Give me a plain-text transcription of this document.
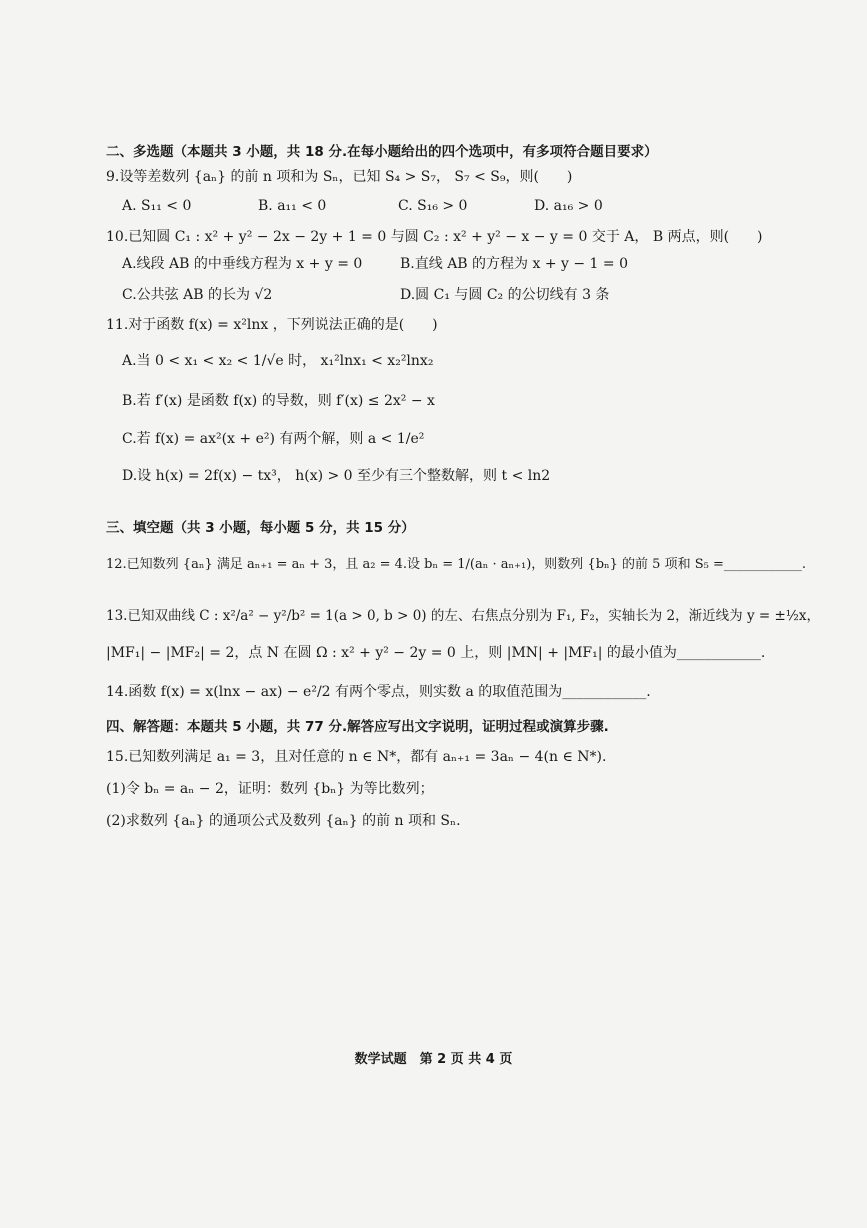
二、多选题（本题共 3 小题，共 18 分.在每小题给出的四个选项中，有多项符合题目要求）
9.设等差数列 {aₙ} 的前 n 项和为 Sₙ，已知 S₄ > S₇， S₇ < S₉，则(　　)
A. S₁₁ < 0	B. a₁₁ < 0	C. S₁₆ > 0	D. a₁₆ > 0
10.已知圆 C₁ : x² + y² − 2x − 2y + 1 = 0 与圆 C₂ : x² + y² − x − y = 0 交于 A， B 两点，则(　　)
A.线段 AB 的中垂线方程为 x + y = 0	B.直线 AB 的方程为 x + y − 1 = 0
C.公共弦 AB 的长为 √2	D.圆 C₁ 与圆 C₂ 的公切线有 3 条
11.对于函数 f(x) = x²lnx ，下列说法正确的是(　　)
A.当 0 < x₁ < x₂ < 1/√e 时， x₁²lnx₁ < x₂²lnx₂
B.若 f′(x) 是函数 f(x) 的导数，则 f′(x) ≤ 2x² − x
C.若 f(x) = ax²(x + e²) 有两个解，则 a < 1/e²
D.设 h(x) = 2f(x) − tx³， h(x) > 0 至少有三个整数解，则 t < ln2
三、填空题（共 3 小题，每小题 5 分，共 15 分）
12.已知数列 {aₙ} 满足 aₙ₊₁ = aₙ + 3，且 a₂ = 4.设 bₙ = 1/(aₙ · aₙ₊₁)，则数列 {bₙ} 的前 5 项和 S₅ =____________.
13.已知双曲线 C : x²/a² − y²/b² = 1(a > 0, b > 0) 的左、右焦点分别为 F₁, F₂，实轴长为 2，渐近线为 y = ±½x，
|MF₁| − |MF₂| = 2，点 N 在圆 Ω : x² + y² − 2y = 0 上，则 |MN| + |MF₁| 的最小值为____________.
14.函数 f(x) = x(lnx − ax) − e²/2 有两个零点，则实数 a 的取值范围为____________.
四、解答题：本题共 5 小题，共 77 分.解答应写出文字说明，证明过程或演算步骤.
15.已知数列满足 a₁ = 3，且对任意的 n ∈ N*，都有 aₙ₊₁ = 3aₙ − 4(n ∈ N*).
(1)令 bₙ = aₙ − 2，证明：数列 {bₙ} 为等比数列；
(2)求数列 {aₙ} 的通项公式及数列 {aₙ} 的前 n 项和 Sₙ.
数学试题　第 2 页 共 4 页
